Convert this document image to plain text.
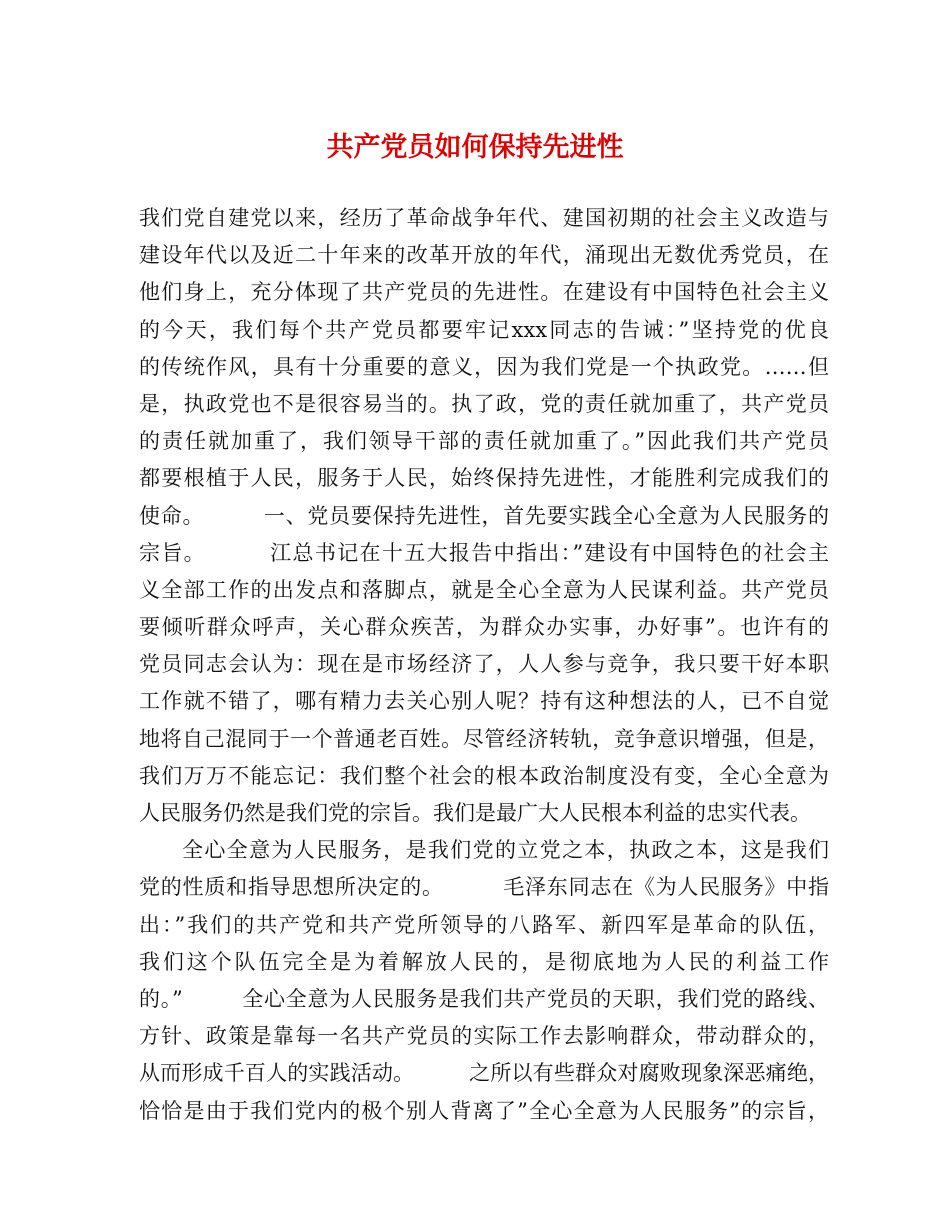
共产党员如何保持先进性
我们党自建党以来，经历了革命战争年代、建国初期的社会主义改造与
建设年代以及近二十年来的改革开放的年代，涌现出无数优秀党员，在
他们身上，充分体现了共产党员的先进性。在建设有中国特色社会主义
的今天，我们每个共产党员都要牢记xxx同志的告诫：”坚持党的优良
的传统作风，具有十分重要的意义，因为我们党是一个执政党。……但
是，执政党也不是很容易当的。执了政，党的责任就加重了，共产党员
的责任就加重了，我们领导干部的责任就加重了。”因此我们共产党员
都要根植于人民，服务于人民，始终保持先进性，才能胜利完成我们的
使命。        一、党员要保持先进性，首先要实践全心全意为人民服务的
宗旨。        江总书记在十五大报告中指出：”建设有中国特色的社会主
义全部工作的出发点和落脚点，就是全心全意为人民谋利益。共产党员
要倾听群众呼声，关心群众疾苦，为群众办实事，办好事”。也许有的
党员同志会认为：现在是市场经济了，人人参与竞争，我只要干好本职
工作就不错了，哪有精力去关心别人呢？持有这种想法的人，已不自觉
地将自己混同于一个普通老百姓。尽管经济转轨，竞争意识增强，但是，
我们万万不能忘记：我们整个社会的根本政治制度没有变，全心全意为
人民服务仍然是我们党的宗旨。我们是最广大人民根本利益的忠实代表。
全心全意为人民服务，是我们党的立党之本，执政之本，这是我们
党的性质和指导思想所决定的。        毛泽东同志在《为人民服务》中指
出：”我们的共产党和共产党所领导的八路军、新四军是革命的队伍，
我们这个队伍完全是为着解放人民的，是彻底地为人民的利益工作
的。”        全心全意为人民服务是我们共产党员的天职，我们党的路线、
方针、政策是靠每一名共产党员的实际工作去影响群众，带动群众的，
从而形成千百人的实践活动。        之所以有些群众对腐败现象深恶痛绝，
恰恰是由于我们党内的极个别人背离了”全心全意为人民服务”的宗旨，
